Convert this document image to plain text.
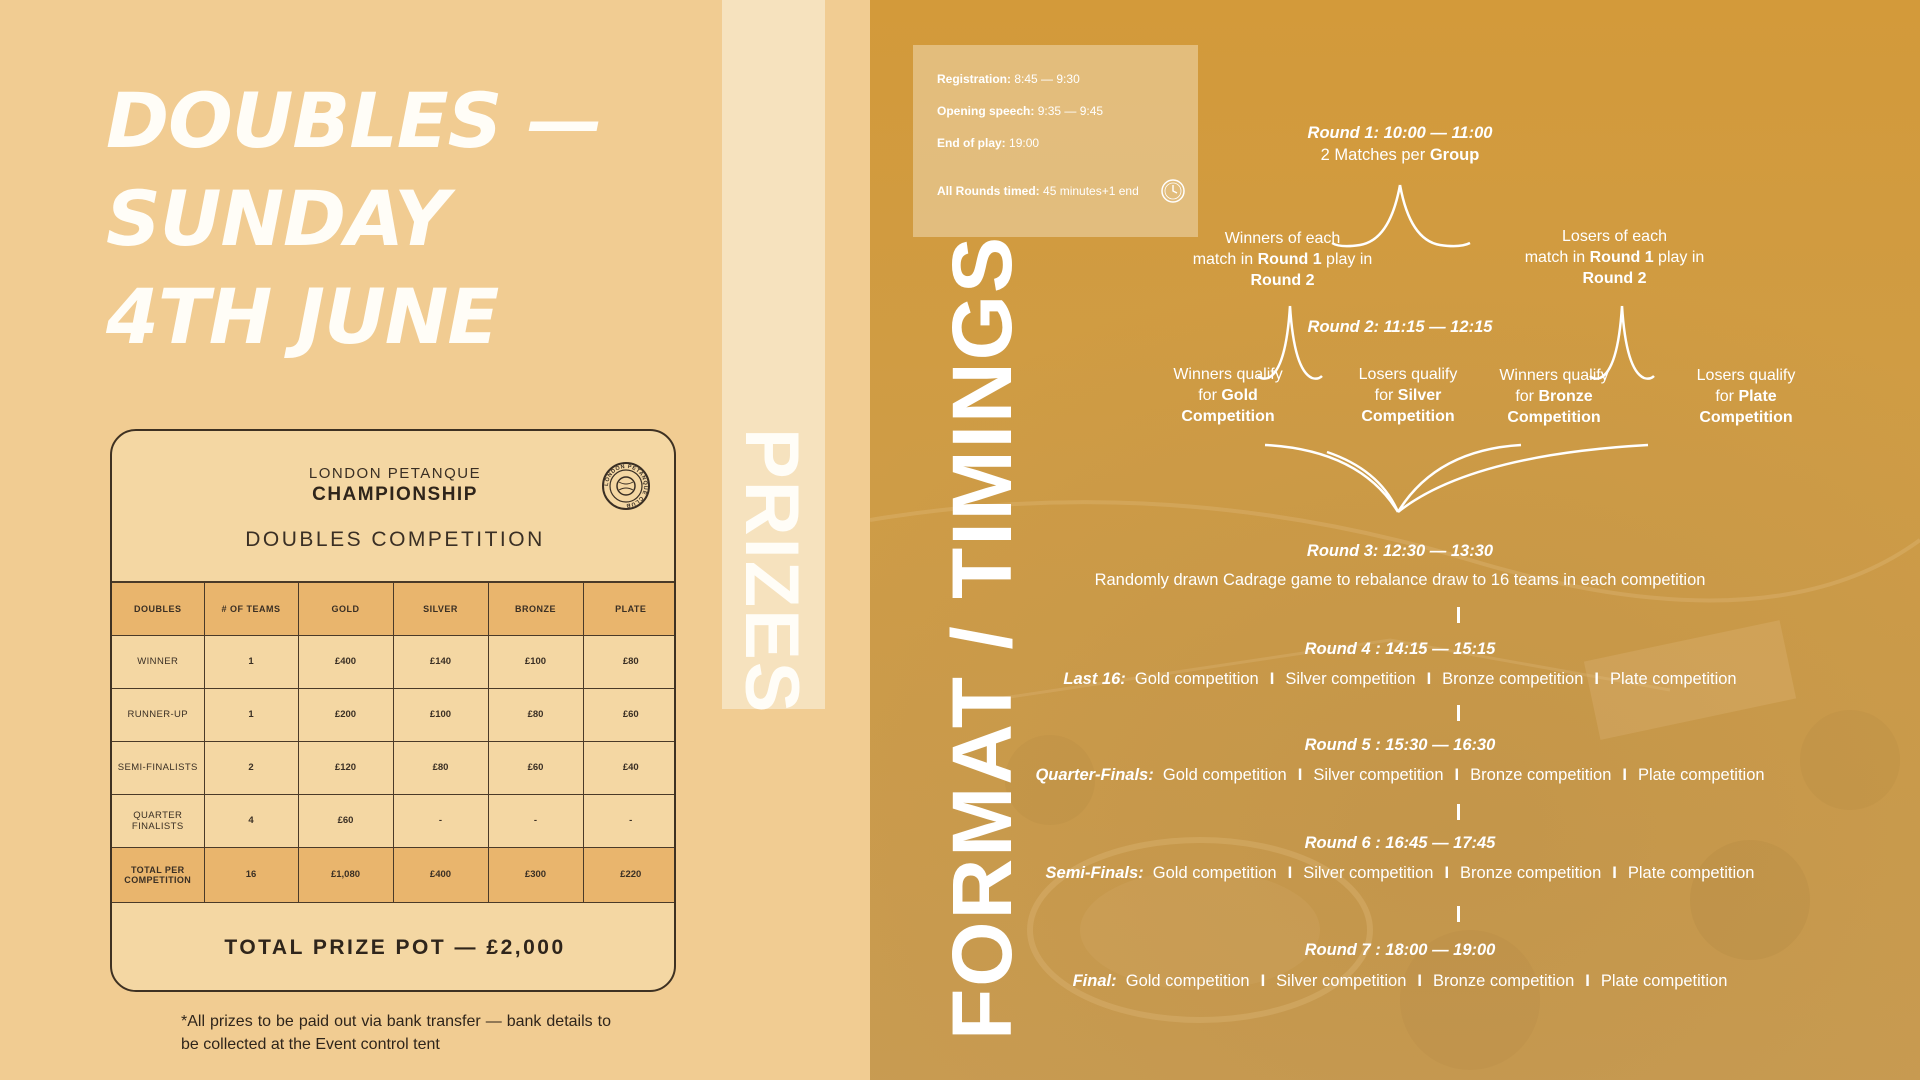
DOUBLES —
SUNDAY
4TH JUNE
LONDON PETANQUE
CHAMPIONSHIP
DOUBLES COMPETITION
LONDON PETANQUE CLUB
DOUBLES	# OF TEAMS	GOLD	SILVER	BRONZE	PLATE
WINNER	1	£400	£140	£100	£80
RUNNER-UP	1	£200	£100	£80	£60
SEMI-FINALISTS	2	£120	£80	£60	£40
QUARTER FINALISTS	4	£60	-	-	-
TOTAL PER COMPETITION	16	£1,080	£400	£300	£220
TOTAL PRIZE POT — £2,000
*All prizes to be paid out via bank transfer — bank details to be collected at the Event control tent
PRIZES
Registration: 8:45 — 9:30
Opening speech: 9:35 — 9:45
End of play: 19:00
All Rounds timed: 45 minutes+1 end
FORMAT / TIMINGS
Round 1: 10:00 — 11:00
2 Matches per Group
Winners of each
match in Round 1 play in
Round 2
Losers of each
match in Round 1 play in
Round 2
Round 2: 11:15 — 12:15
Winners qualify
for Gold
Competition
Losers qualify
for Silver
Competition
Winners qualify
for Bronze
Competition
Losers qualify
for Plate
Competition
Round 3: 12:30 — 13:30
Randomly drawn Cadrage game to rebalance draw to 16 teams in each competition
Round 4 : 14:15 — 15:15
Last 16: Gold competition I Silver competition I Bronze competition I Plate competition
Round 5 : 15:30 — 16:30
Quarter-Finals: Gold competition I Silver competition I Bronze competition I Plate competition
Round 6 : 16:45 — 17:45
Semi-Finals: Gold competition I Silver competition I Bronze competition I Plate competition
Round 7 : 18:00 — 19:00
Final: Gold competition I Silver competition I Bronze competition I Plate competition
